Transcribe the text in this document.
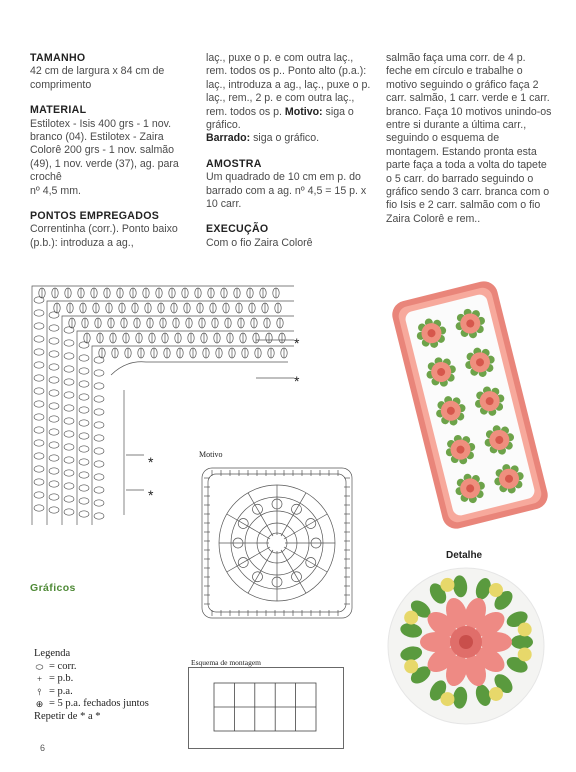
TAMANHO

42 cm de largura x 84 cm de comprimento

MATERIAL

Estilotex - Isis 400 grs - 1 nov. branco (04). Estilotex - Zaira Colorê 200 grs - 1 nov. salmão (49), 1 nov. verde (37), ag. para crochê

nº 4,5 mm.

PONTOS EMPREGADOS

Correntinha (corr.). Ponto baixo (p.b.): introduza a ag.,

laç., puxe o p. e com outra laç., rem. todos os p.. Ponto alto (p.a.): laç., introduza a ag., laç., puxe o p. laç., rem., 2 p. e com outra laç., rem. todos os p. Motivo: siga o gráfico.
Barrado: siga o gráfico.

AMOSTRA

Um quadrado de 10 cm em p. do barrado com a ag. nº 4,5 = 15 p. x 10 carr.

EXECUÇÃO

Com o fio Zaira Colorê

salmão faça uma corr. de 4 p. feche em círculo e trabalhe o motivo seguindo o gráfico faça 2 carr. salmão, 1 carr. verde e 1 carr. branco. Faça 10 motivos unindo-os entre si durante a última carr., seguindo o esquema de montagem. Estando pronta esta parte faça a toda a volta do tapete o 5 carr. do barrado seguindo o gráfico sendo 3 carr. branca com o fio Isis e 2 carr. salmão com o fio Zaira Colorê e rem..

*
*
*
*
Motivo
Gráficos
Legenda
⬭ = corr.
+ = p.b.
⫯ = p.a.
⊕ = 5 p.a. fechados juntos
Repetir de * a *
Esquema de montagem
Detalhe
6
